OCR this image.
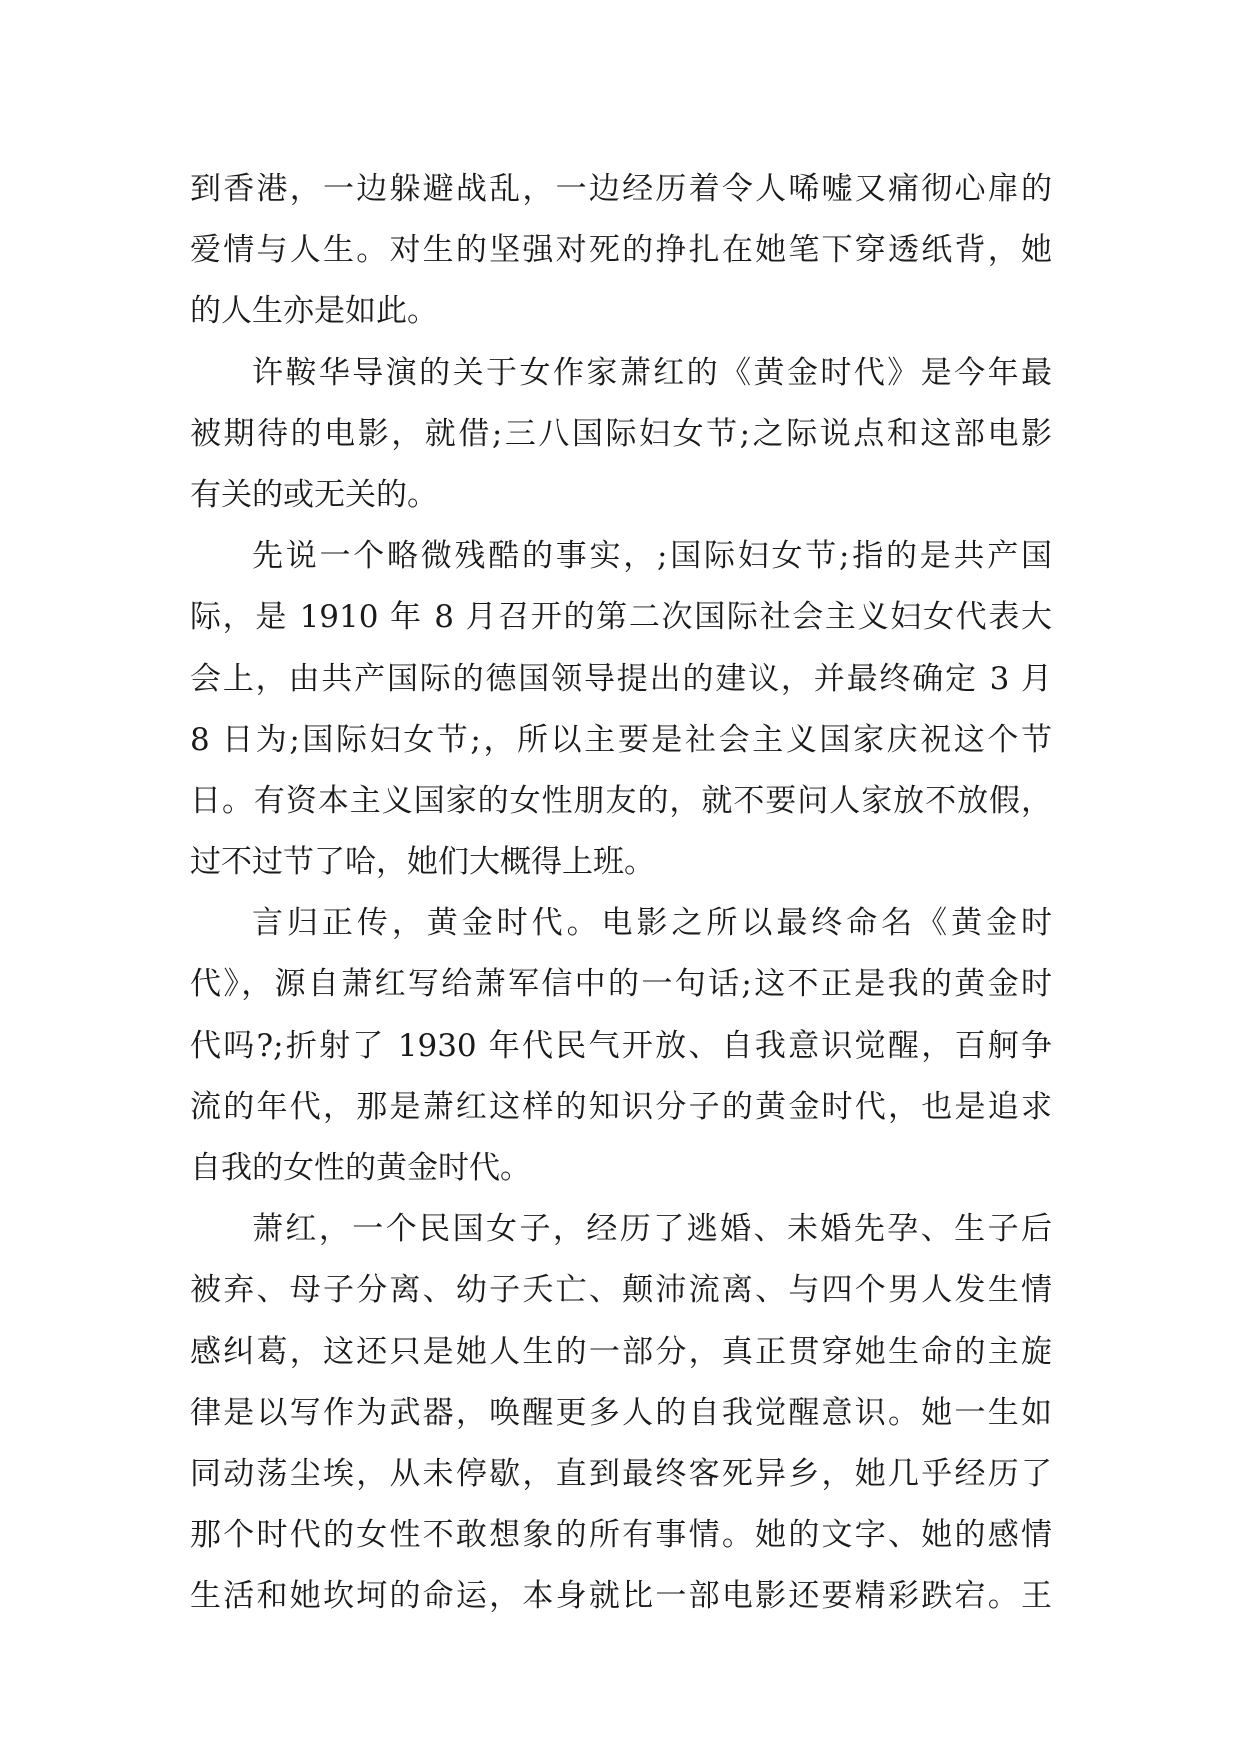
到香港，一边躲避战乱，一边经历着令人唏嘘又痛彻心扉的
爱情与人生。对生的坚强对死的挣扎在她笔下穿透纸背，她
的人生亦是如此。
许鞍华导演的关于女作家萧红的《黄金时代》是今年最
被期待的电影，就借;三八国际妇女节;之际说点和这部电影
有关的或无关的。
先说一个略微残酷的事实，;国际妇女节;指的是共产国
际，是 1910 年 8 月召开的第二次国际社会主义妇女代表大
会上，由共产国际的德国领导提出的建议，并最终确定 3 月
8 日为;国际妇女节;，所以主要是社会主义国家庆祝这个节
日。有资本主义国家的女性朋友的，就不要问人家放不放假，
过不过节了哈，她们大概得上班。
言归正传，黄金时代。电影之所以最终命名《黄金时
代》，源自萧红写给萧军信中的一句话;这不正是我的黄金时
代吗?;折射了 1930 年代民气开放、自我意识觉醒，百舸争
流的年代，那是萧红这样的知识分子的黄金时代，也是追求
自我的女性的黄金时代。
萧红，一个民国女子，经历了逃婚、未婚先孕、生子后
被弃、母子分离、幼子夭亡、颠沛流离、与四个男人发生情
感纠葛，这还只是她人生的一部分，真正贯穿她生命的主旋
律是以写作为武器，唤醒更多人的自我觉醒意识。她一生如
同动荡尘埃，从未停歇，直到最终客死异乡，她几乎经历了
那个时代的女性不敢想象的所有事情。她的文字、她的感情
生活和她坎坷的命运，本身就比一部电影还要精彩跌宕。王
